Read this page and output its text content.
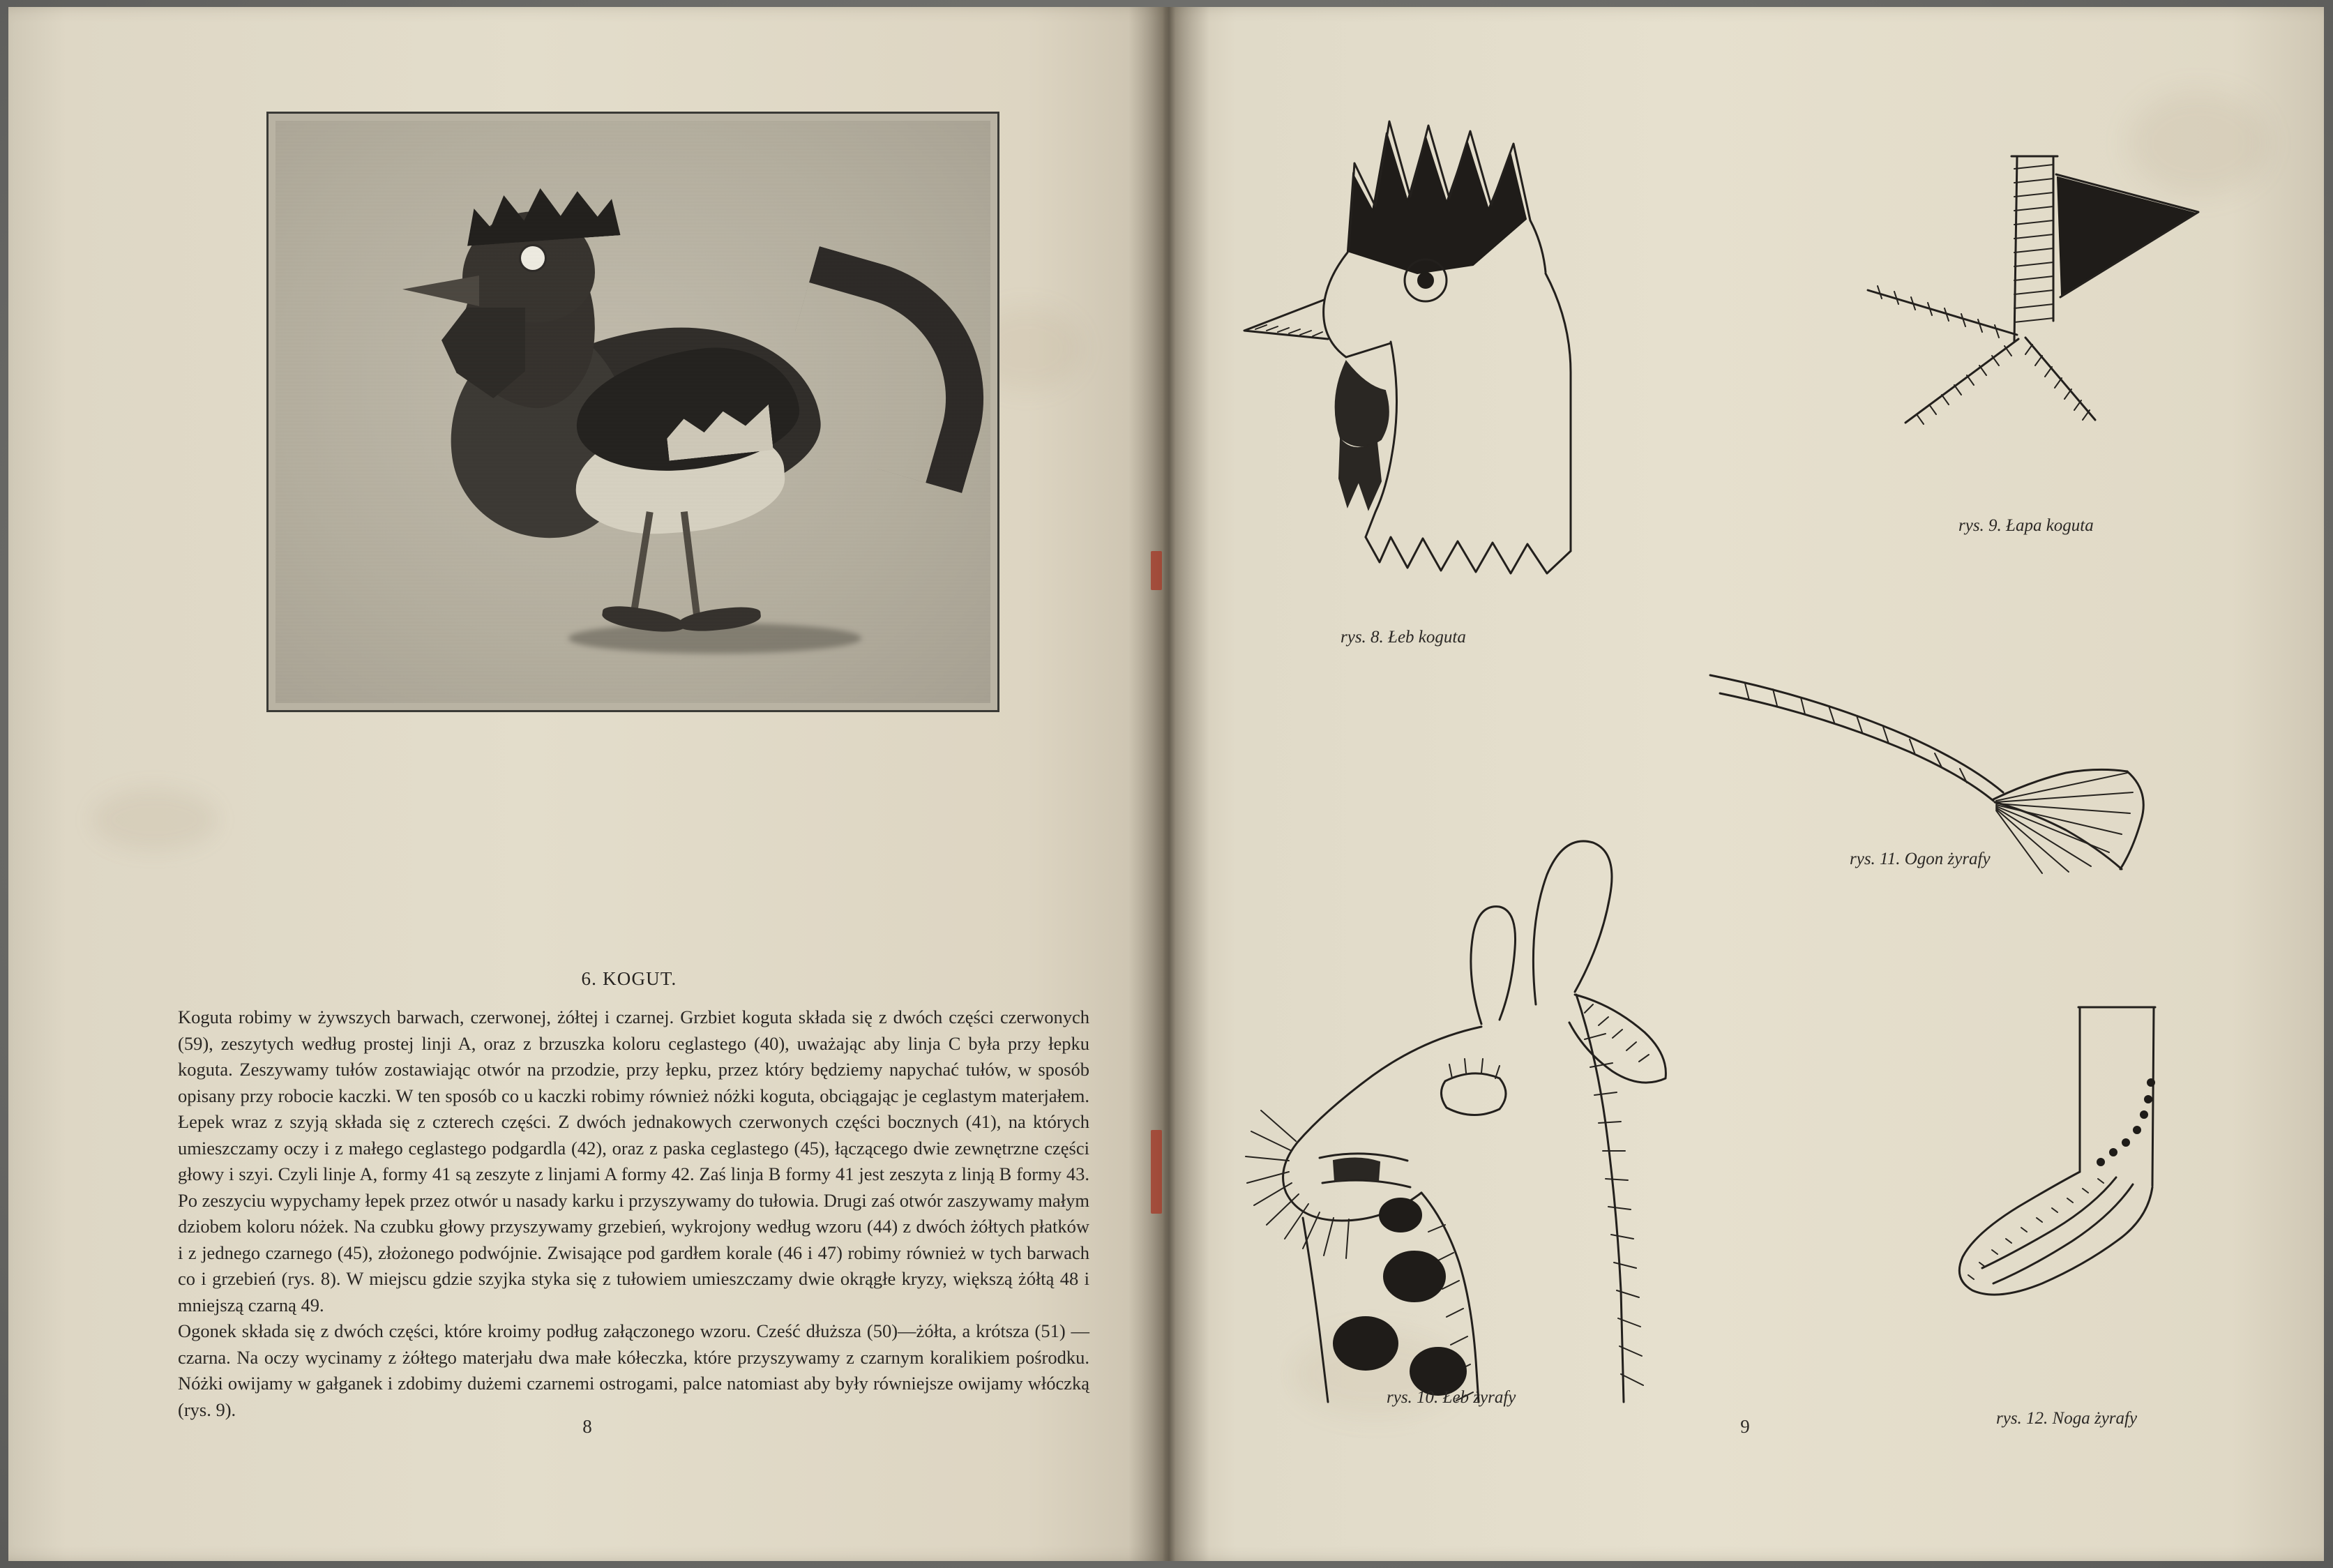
6. KOGUT.

Koguta robimy w żywszych barwach, czerwonej, żółtej i czarnej. Grzbiet koguta składa się z dwóch części czerwonych (59), zeszytych według prostej linji A, oraz z brzuszka koloru ceglastego (40), uważając aby linja C była przy łepku koguta. Zeszywamy tułów zostawiając otwór na przodzie, przy łepku, przez który będziemy napychać tułów, w sposób opisany przy robocie kaczki. W ten sposób co u kaczki robimy również nóżki koguta, obciągając je ceglastym materjałem. Łepek wraz z szyją składa się z czterech części. Z dwóch jednakowych czerwonych części bocznych (41), na których umieszczamy oczy i z małego ceglastego podgardla (42), oraz z paska ceglastego (45), łączącego dwie zewnętrzne części głowy i szyi. Czyli linje A, formy 41 są zeszyte z linjami A formy 42. Zaś linja B formy 41 jest zeszyta z linją B formy 43. Po zeszyciu wypychamy łepek przez otwór u nasady karku i przyszywamy do tułowia. Drugi zaś otwór zaszywamy małym dziobem koloru nóżek. Na czubku głowy przyszywamy grzebień, wykrojony według wzoru (44) z dwóch żółtych płatków i z jednego czarnego (45), złożonego podwójnie. Zwisające pod gardłem korale (46 i 47) robimy również w tych barwach co i grzebień (rys. 8). W miejscu gdzie szyjka styka się z tułowiem umieszczamy dwie okrągłe kryzy, większą żółtą 48 i mniejszą czarną 49.

Ogonek składa się z dwóch części, które kroimy podług załączonego wzoru. Cześć dłuższa (50)—żółta, a krótsza (51) — czarna. Na oczy wycinamy z żółtego materjału dwa małe kółeczka, które przyszywamy z czarnym koralikiem pośrodku. Nóżki owijamy w gałganek i zdobimy dużemi czarnemi ostrogami, palce natomiast aby były równiejsze owijamy włóczką (rys. 9).

8
rys. 8. Łeb koguta
rys. 9. Łapa koguta
rys. 11. Ogon żyrafy
rys. 10. Łeb żyrafy
rys. 12. Noga żyrafy
9
